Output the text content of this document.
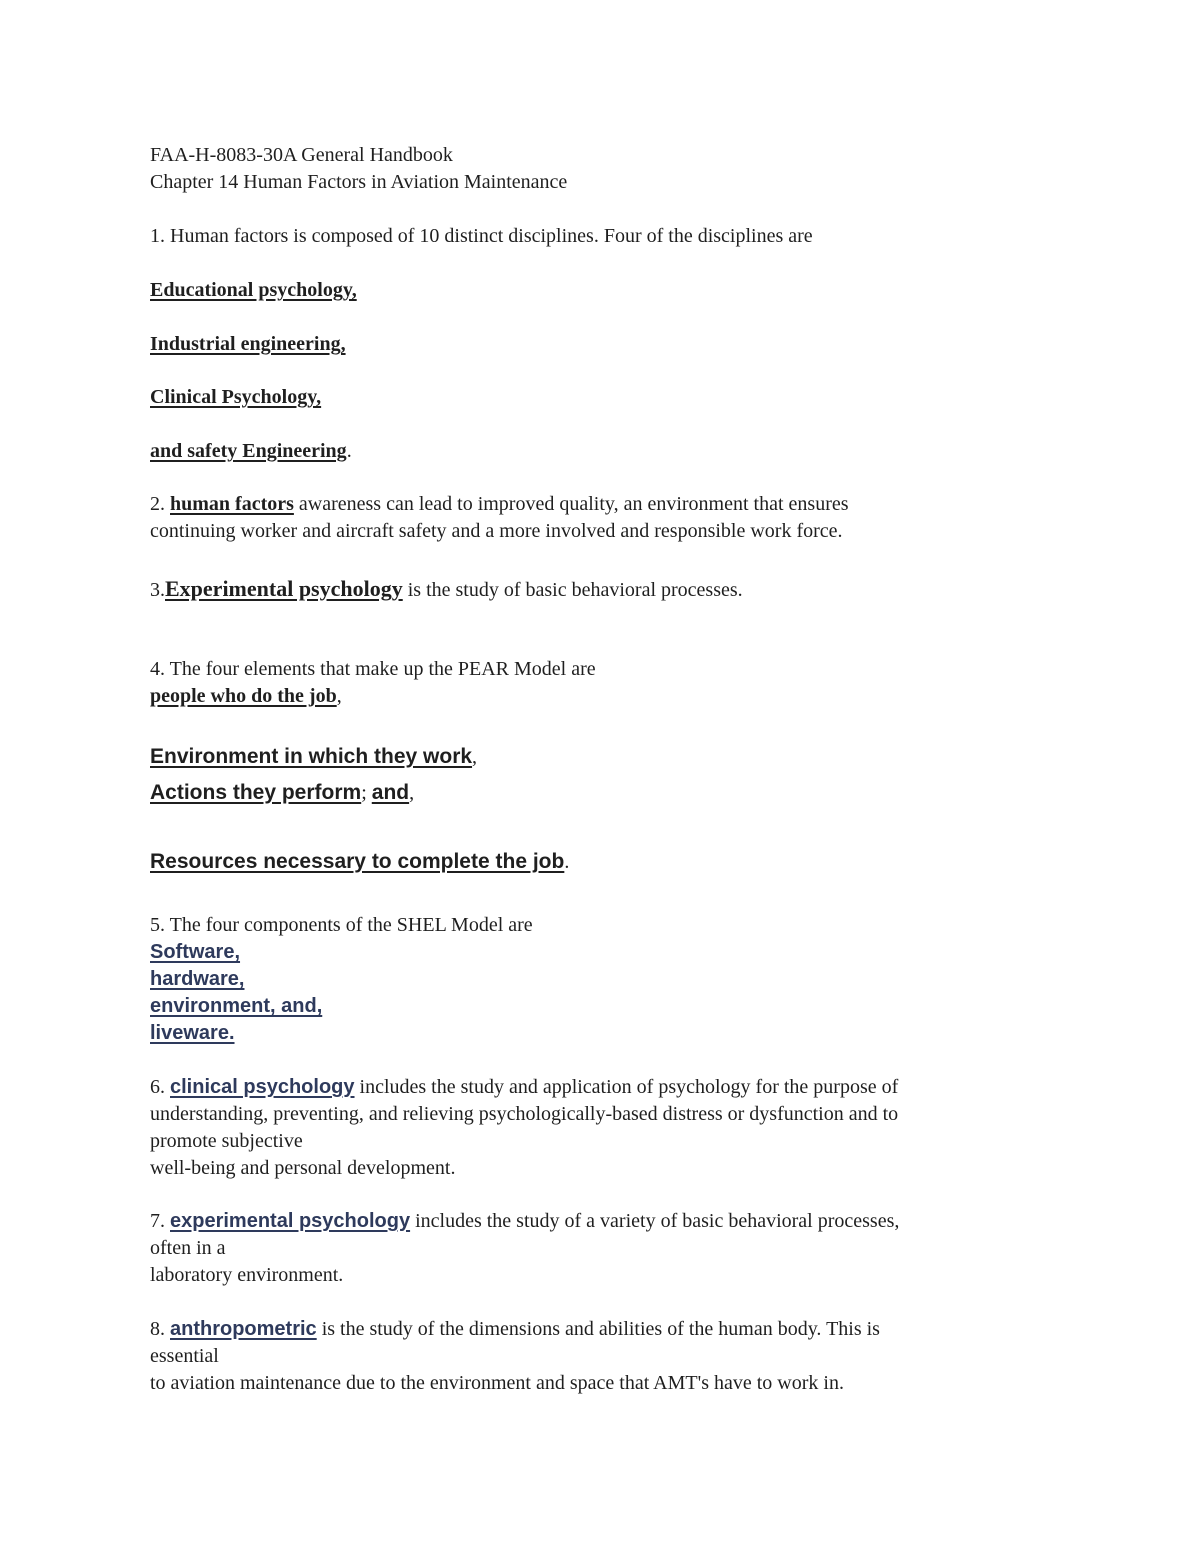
FAA-H-8083-30A General Handbook
Chapter 14 Human Factors in Aviation Maintenance
1. Human factors is composed of 10 distinct disciplines. Four of the disciplines are
Educational psychology,
Industrial engineering,
Clinical Psychology,
and safety Engineering.
2. human factors awareness can lead to improved quality, an environment that ensures
continuing worker and aircraft safety and a more involved and responsible work force.
3.Experimental psychology is the study of basic behavioral processes.
4. The four elements that make up the PEAR Model are
people who do the job,
Environment in which they work,
Actions they perform; and,
Resources necessary to complete the job.
5. The four components of the SHEL Model are
Software,
hardware,
environment, and,
liveware.
6. clinical psychology includes the study and application of psychology for the purpose of
understanding, preventing, and relieving psychologically-based distress or dysfunction and to
promote subjective
well-being and personal development.
7. experimental psychology includes the study of a variety of basic behavioral processes,
often in a
laboratory environment.
8. anthropometric is the study of the dimensions and abilities of the human body. This is
essential
to aviation maintenance due to the environment and space that AMT's have to work in.
